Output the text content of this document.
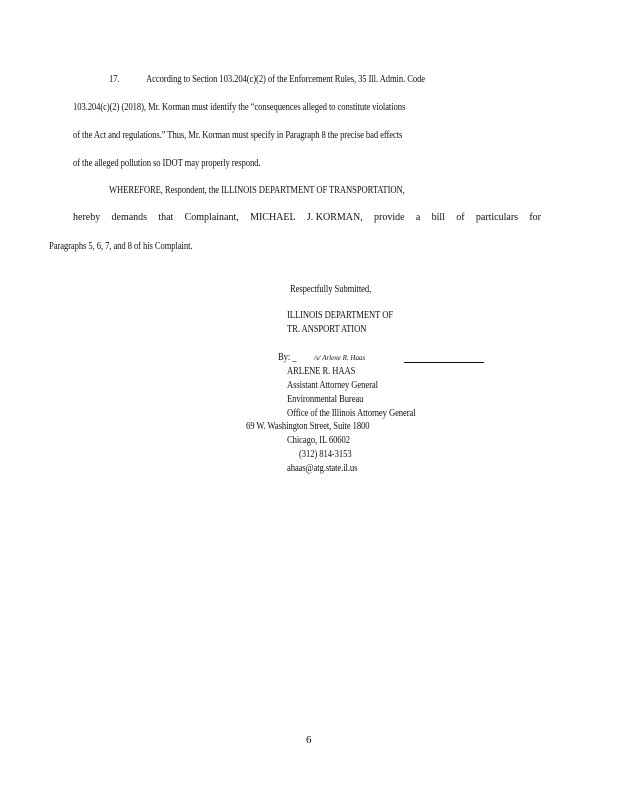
17.	According to Section 103.204(c)(2) of the Enforcement Rules, 35 Ill. Admin. Code
103.204(c)(2) (2018), Mr. Korman must identify the “consequences alleged to constitute violations
of the Act and regulations.” Thus, Mr. Korman must specify in Paragraph 8 the precise bad effects
of the alleged pollution so IDOT may properly respond.
WHEREFORE, Respondent, the ILLINOIS DEPARTMENT OF TRANSPORTATION,
hereby demands that Complainant, MICHAEL J. KORMAN, provide a bill of particulars for
Paragraphs 5, 6, 7, and 8 of his Complaint.
Respectfully Submitted,
ILLINOIS DEPARTMENT OF
TR. ANSPORT ATION
By: _	/s/ Arlene R. Haas
ARLENE R. HAAS
Assistant Attorney General
Environmental Bureau
Office of the Illinois Attorney General
69 W. Washington Street, Suite 1800
Chicago, IL 60602
(312) 814-3153
ahaas@atg.state.il.us
6
